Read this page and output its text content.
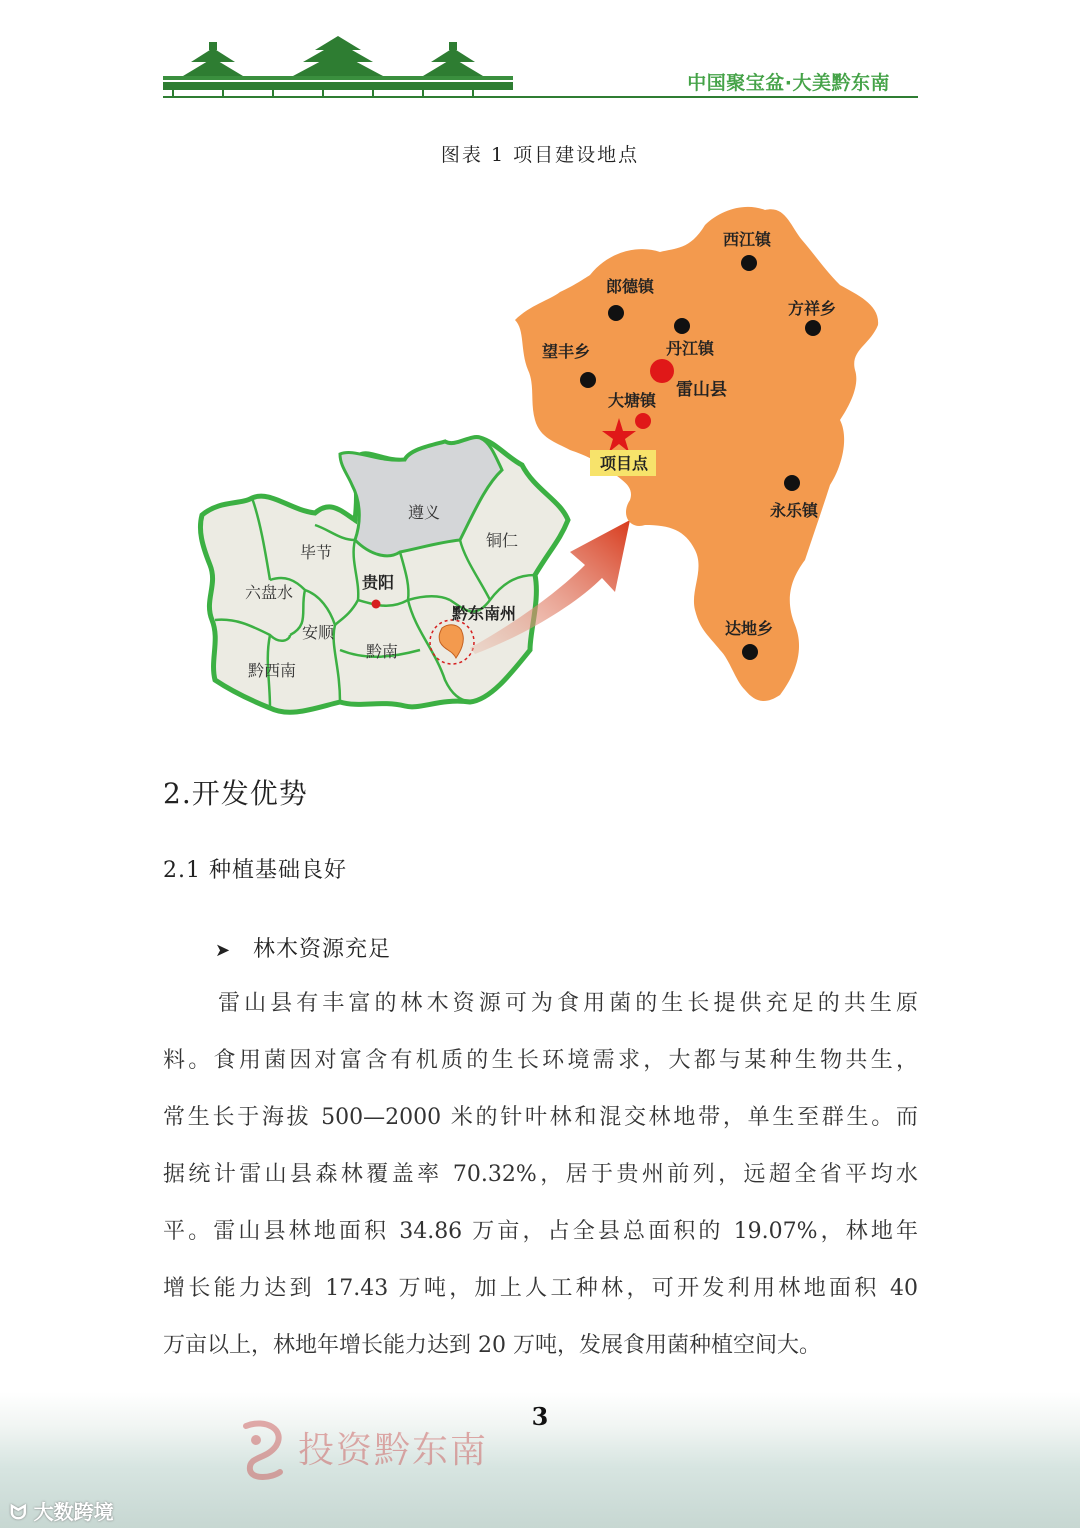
中国聚宝盆·大美黔东南
图表 1 项目建设地点
遵义
铜仁
毕节
贵阳
六盘水
安顺
黔南
黔东南州
黔西南
项目点
西江镇
郎德镇
方祥乡
丹江镇
望丰乡
雷山县
大塘镇
永乐镇
达地乡
2.开发优势
2.1 种植基础良好
➤ 林木资源充足
雷山县有丰富的林木资源可为食用菌的生长提供充足的共生原
料。食用菌因对富含有机质的生长环境需求，大都与某种生物共生，
常生长于海拔 500—2000 米的针叶林和混交林地带，单生至群生。而
据统计雷山县森林覆盖率 70.32%，居于贵州前列，远超全省平均水
平。雷山县林地面积 34.86 万亩，占全县总面积的 19.07%，林地年
增长能力达到 17.43 万吨，加上人工种林，可开发利用林地面积 40
万亩以上，林地年增长能力达到 20 万吨，发展食用菌种植空间大。
3
投资黔东南
ᗢ 大数跨境
